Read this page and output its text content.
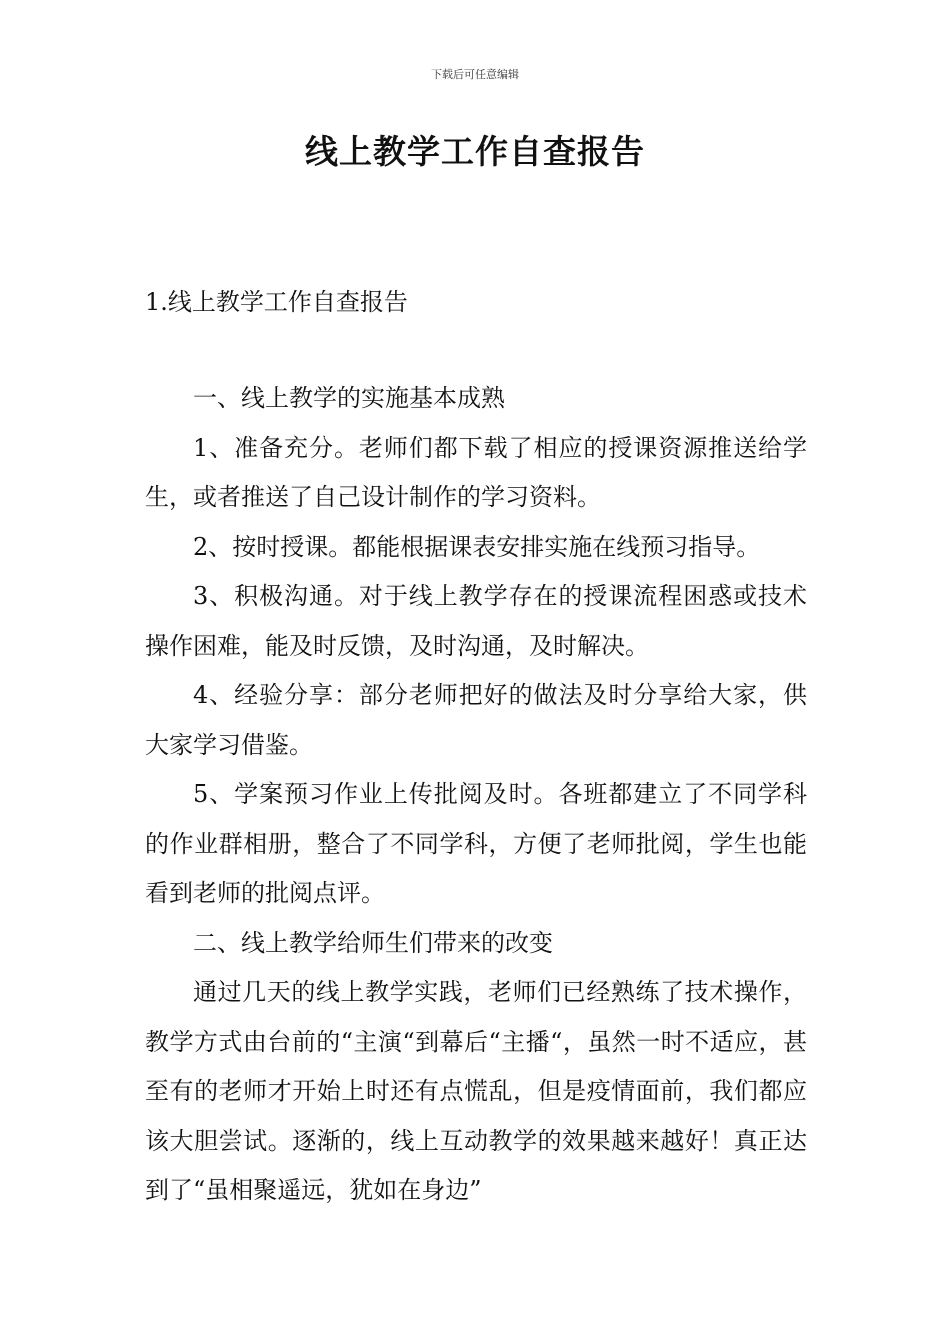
下载后可任意编辑
线上教学工作自查报告
1.线上教学工作自查报告

一、线上教学的实施基本成熟

1、准备充分。老师们都下载了相应的授课资源推送给学生，或者推送了自己设计制作的学习资料。

2、按时授课。都能根据课表安排实施在线预习指导。

3、积极沟通。对于线上教学存在的授课流程困惑或技术操作困难，能及时反馈，及时沟通，及时解决。

4、经验分享：部分老师把好的做法及时分享给大家，供大家学习借鉴。

5、学案预习作业上传批阅及时。各班都建立了不同学科的作业群相册，整合了不同学科，方便了老师批阅，学生也能看到老师的批阅点评。

二、线上教学给师生们带来的改变

通过几天的线上教学实践，老师们已经熟练了技术操作，教学方式由台前的“主演“到幕后“主播“，虽然一时不适应，甚至有的老师才开始上时还有点慌乱，但是疫情面前，我们都应该大胆尝试。逐渐的，线上互动教学的效果越来越好！真正达到了“虽相聚遥远，犹如在身边”
